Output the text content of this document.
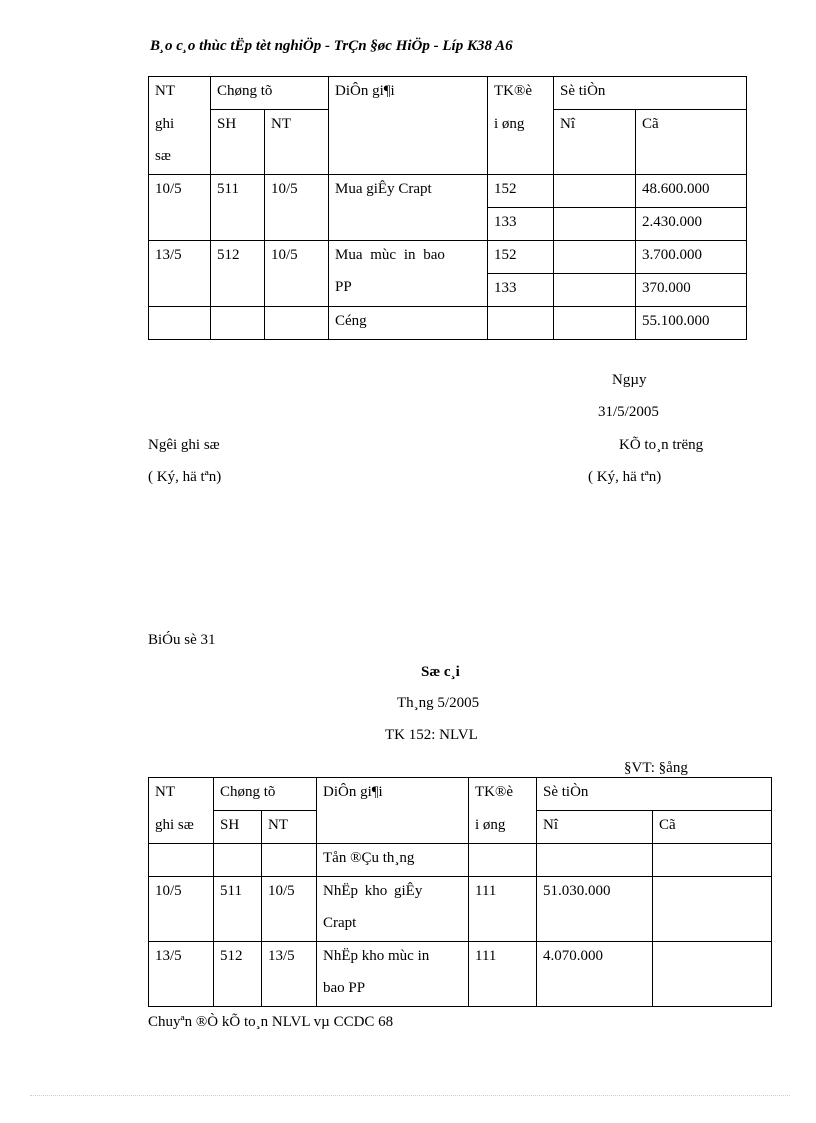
B¸o c¸o thùc tËp tèt nghiÖp - TrÇn §øc HiÖp - Líp K38 A6
NT	Chøng tõ		DiÔn gi¶i	TK®è	Sè tiÒn	
ghi	SH	NT		i øng	Nî	Cã
sæ						
10/5	511	10/5	Mua giÊy Crapt	152		48.600.000
				133		2.430.000
13/5	512	10/5	Mua mùc in bao	152		3.700.000
			PP	133		370.000
			Céng			55.100.000
Ngµy
31/5/2005
Ngêi ghi sæ	KÕ to¸n trëng
( Ký, hä tªn)	( Ký, hä tªn)
BiÓu sè 31
Sæ c¸i
Th¸ng 5/2005
TK 152: NLVL
§VT: §ång
NT	Chøng tõ		DiÔn gi¶i	TK®è	Sè tiÒn	
ghi sæ	SH	NT		i øng	Nî	Cã
			Tån ®Çu th¸ng			
10/5	511	10/5	NhËp kho giÊy	111	51.030.000	
			Crapt			
13/5	512	13/5	NhËp kho mùc in	111	4.070.000	
			bao PP			
Chuyªn ®Ò kÕ to¸n NLVL vµ CCDC 68
